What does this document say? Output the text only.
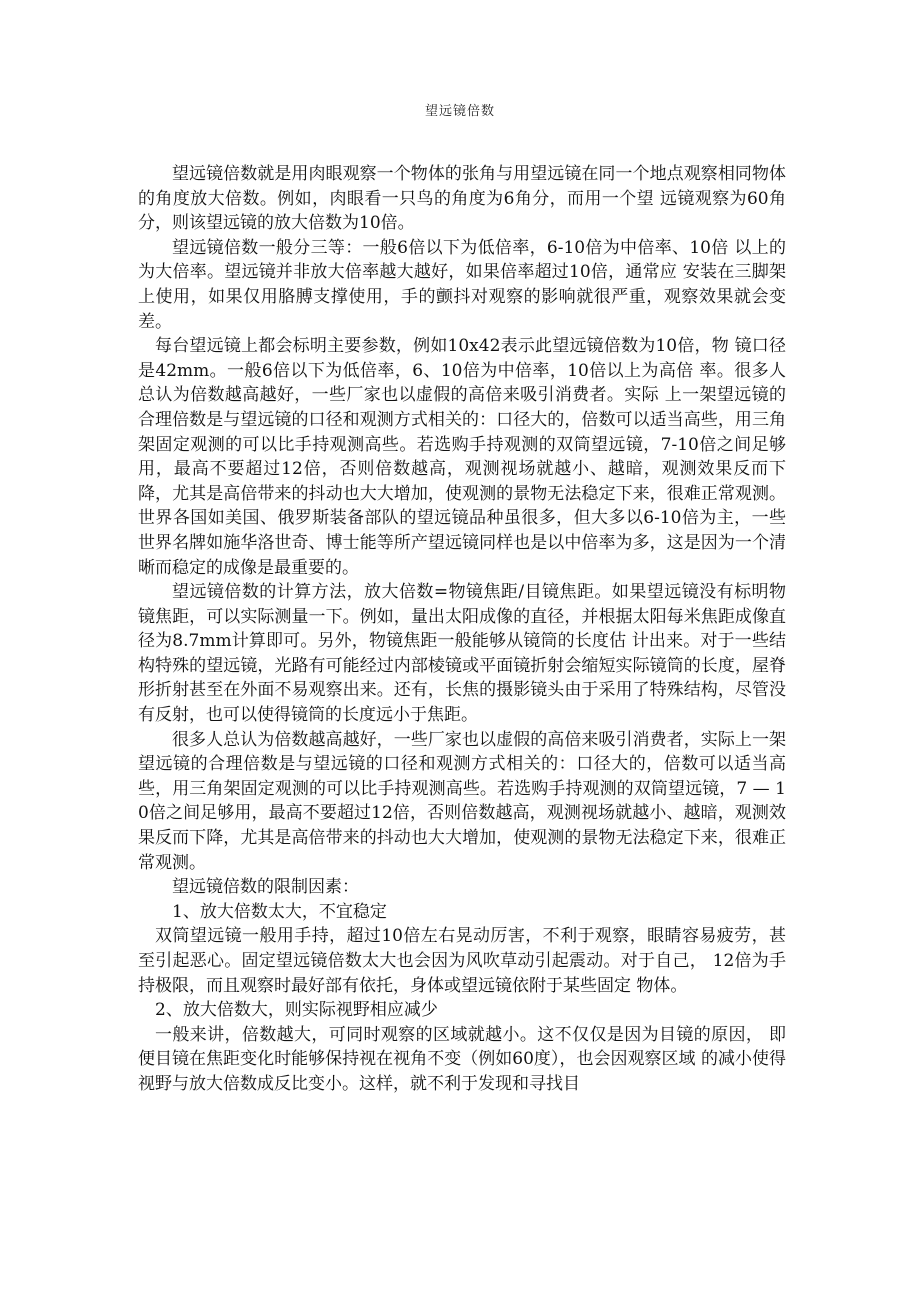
望远镜倍数

望远镜倍数就是用肉眼观察一个物体的张角与用望远镜在同一个地点观察相同物体的角度放大倍数。例如，肉眼看一只鸟的角度为6角分，而用一个望 远镜观察为60角分，则该望远镜的放大倍数为10倍。

望远镜倍数一般分三等：一般6倍以下为低倍率，6-10倍为中倍率、10倍 以上的为大倍率。望远镜并非放大倍率越大越好，如果倍率超过10倍，通常应 安装在三脚架上使用，如果仅用胳膊支撑使用，手的颤抖对观察的影响就很严重，观察效果就会变差。

每台望远镜上都会标明主要参数，例如10x42表示此望远镜倍数为10倍，物 镜口径是42mm。一般6倍以下为低倍率，6、10倍为中倍率，10倍以上为高倍 率。很多人总认为倍数越高越好，一些厂家也以虚假的高倍来吸引消费者。实际 上一架望远镜的合理倍数是与望远镜的口径和观测方式相关的：口径大的，倍数可以适当高些，用三角架固定观测的可以比手持观测高些。若选购手持观测的双筒望远镜，7-10倍之间足够用，最高不要超过12倍，否则倍数越高，观测视场就越小、越暗，观测效果反而下降，尤其是高倍带来的抖动也大大增加，使观测的景物无法稳定下来，很难正常观测。世界各国如美国、俄罗斯装备部队的望远镜品种虽很多，但大多以6-10倍为主，一些世界名牌如施华洛世奇、博士能等所产望远镜同样也是以中倍率为多，这是因为一个清晰而稳定的成像是最重要的。

望远镜倍数的计算方法，放大倍数=物镜焦距/目镜焦距。如果望远镜没有标明物镜焦距，可以实际测量一下。例如，量出太阳成像的直径，并根据太阳每米焦距成像直径为8.7mm计算即可。另外，物镜焦距一般能够从镜筒的长度估 计出来。对于一些结构特殊的望远镜，光路有可能经过内部棱镜或平面镜折射会缩短实际镜筒的长度，屋脊形折射甚至在外面不易观察出来。还有，长焦的摄影镜头由于采用了特殊结构，尽管没有反射，也可以使得镜筒的长度远小于焦距。

很多人总认为倍数越高越好，一些厂家也以虚假的高倍来吸引消费者，实际上一架望远镜的合理倍数是与望远镜的口径和观测方式相关的：口径大的，倍数可以适当高些，用三角架固定观测的可以比手持观测高些。若选购手持观测的双筒望远镜，7 — 10倍之间足够用，最高不要超过12倍，否则倍数越高，观测视场就越小、越暗，观测效果反而下降，尤其是高倍带来的抖动也大大增加，使观测的景物无法稳定下来，很难正常观测。

望远镜倍数的限制因素：

1、放大倍数太大，不宜稳定

双筒望远镜一般用手持，超过10倍左右晃动厉害，不利于观察，眼睛容易疲劳，甚至引起恶心。固定望远镜倍数太大也会因为风吹草动引起震动。对于自己， 12倍为手持极限，而且观察时最好部有依托，身体或望远镜依附于某些固定 物体。

2、放大倍数大，则实际视野相应减少

一般来讲，倍数越大，可同时观察的区域就越小。这不仅仅是因为目镜的原因， 即便目镜在焦距变化时能够保持视在视角不变（例如60度），也会因观察区域 的减小使得视野与放大倍数成反比变小。这样，就不利于发现和寻找目
